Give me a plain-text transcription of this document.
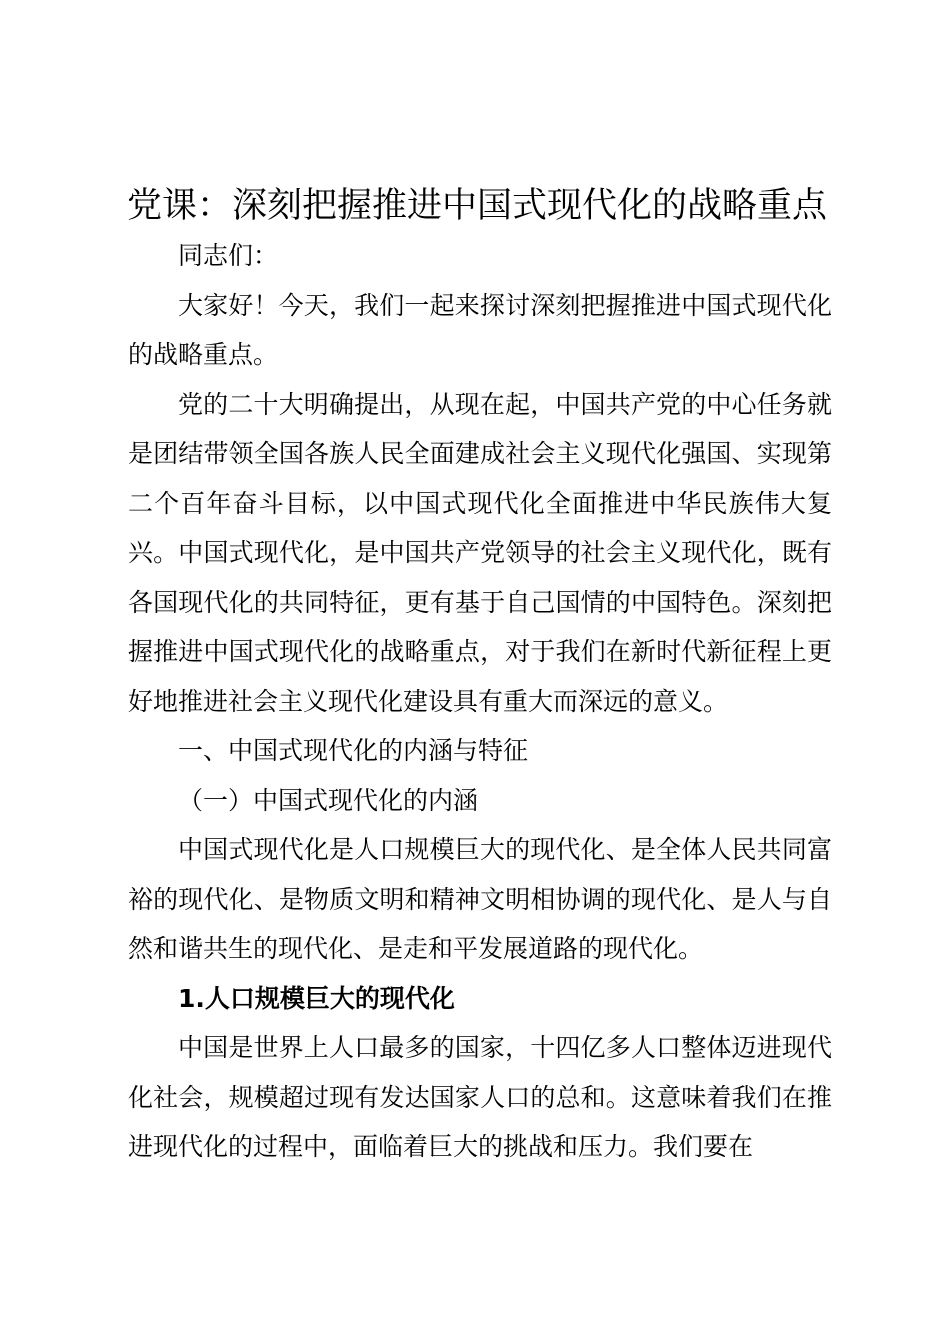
党课：深刻把握推进中国式现代化的战略重点

同志们：

大家好！今天，我们一起来探讨深刻把握推进中国式现代化的战略重点。

党的二十大明确提出，从现在起，中国共产党的中心任务就是团结带领全国各族人民全面建成社会主义现代化强国、实现第二个百年奋斗目标，以中国式现代化全面推进中华民族伟大复兴。中国式现代化，是中国共产党领导的社会主义现代化，既有各国现代化的共同特征，更有基于自己国情的中国特色。深刻把握推进中国式现代化的战略重点，对于我们在新时代新征程上更好地推进社会主义现代化建设具有重大而深远的意义。

一、中国式现代化的内涵与特征

（一）中国式现代化的内涵

中国式现代化是人口规模巨大的现代化、是全体人民共同富裕的现代化、是物质文明和精神文明相协调的现代化、是人与自然和谐共生的现代化、是走和平发展道路的现代化。

1.人口规模巨大的现代化

中国是世界上人口最多的国家，十四亿多人口整体迈进现代化社会，规模超过现有发达国家人口的总和。这意味着我们在推进现代化的过程中，面临着巨大的挑战和压力。我们要在
